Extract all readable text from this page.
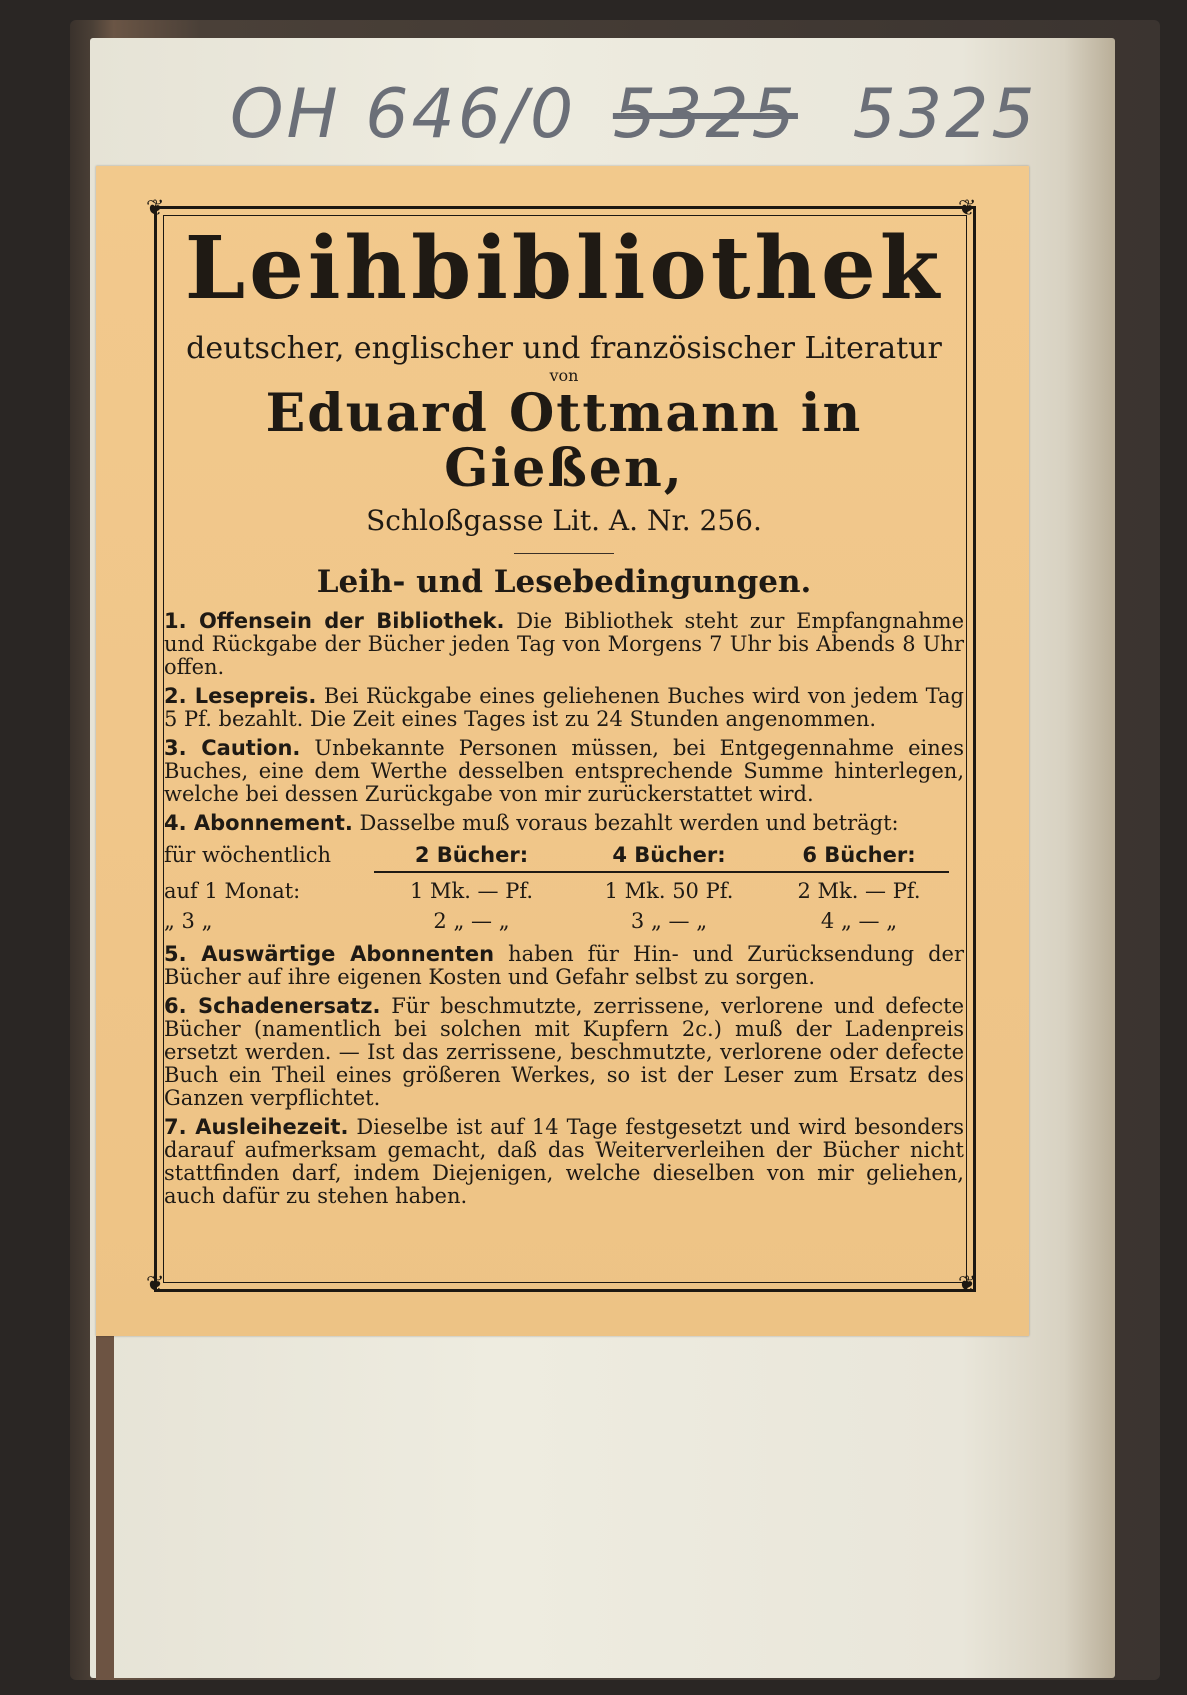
OH 646/0 5325 5325
❦	❦
❦	❦
Leihbibliothek
deutscher, englischer und französischer Literatur
von
Eduard Ottmann in Gießen,
Schloßgasse Lit. A. Nr. 256.
Leih- und Lesebedingungen.

1. Offensein der Bibliothek. Die Bibliothek steht zur Empfangnahme und Rückgabe der Bücher jeden Tag von Morgens 7 Uhr bis Abends 8 Uhr offen.

2. Lesepreis. Bei Rückgabe eines geliehenen Buches wird von jedem Tag 5 Pf. bezahlt. Die Zeit eines Tages ist zu 24 Stunden angenommen.

3. Caution. Unbekannte Personen müssen, bei Entgegennahme eines Buches, eine dem Werthe desselben entsprechende Summe hinterlegen, welche bei dessen Zurückgabe von mir zurückerstattet wird.

4. Abonnement. Dasselbe muß voraus bezahlt werden und beträgt:

für wöchentlich	2 Bücher:	4 Bücher:	6 Bücher:
auf 1 Monat:	1 Mk. — Pf.	1 Mk. 50 Pf.	2 Mk. — Pf.
„ 3 „	2 „ — „	3 „ — „	4 „ — „

5. Auswärtige Abonnenten haben für Hin- und Zurücksendung der Bücher auf ihre eigenen Kosten und Gefahr selbst zu sorgen.

6. Schadenersatz. Für beschmutzte, zerrissene, verlorene und defecte Bücher (namentlich bei solchen mit Kupfern 2c.) muß der Ladenpreis ersetzt werden. — Ist das zerrissene, beschmutzte, verlorene oder defecte Buch ein Theil eines größeren Werkes, so ist der Leser zum Ersatz des Ganzen verpflichtet.

7. Ausleihezeit. Dieselbe ist auf 14 Tage festgesetzt und wird besonders darauf aufmerksam gemacht, daß das Weiterverleihen der Bücher nicht stattfinden darf, indem Diejenigen, welche dieselben von mir geliehen, auch dafür zu stehen haben.
